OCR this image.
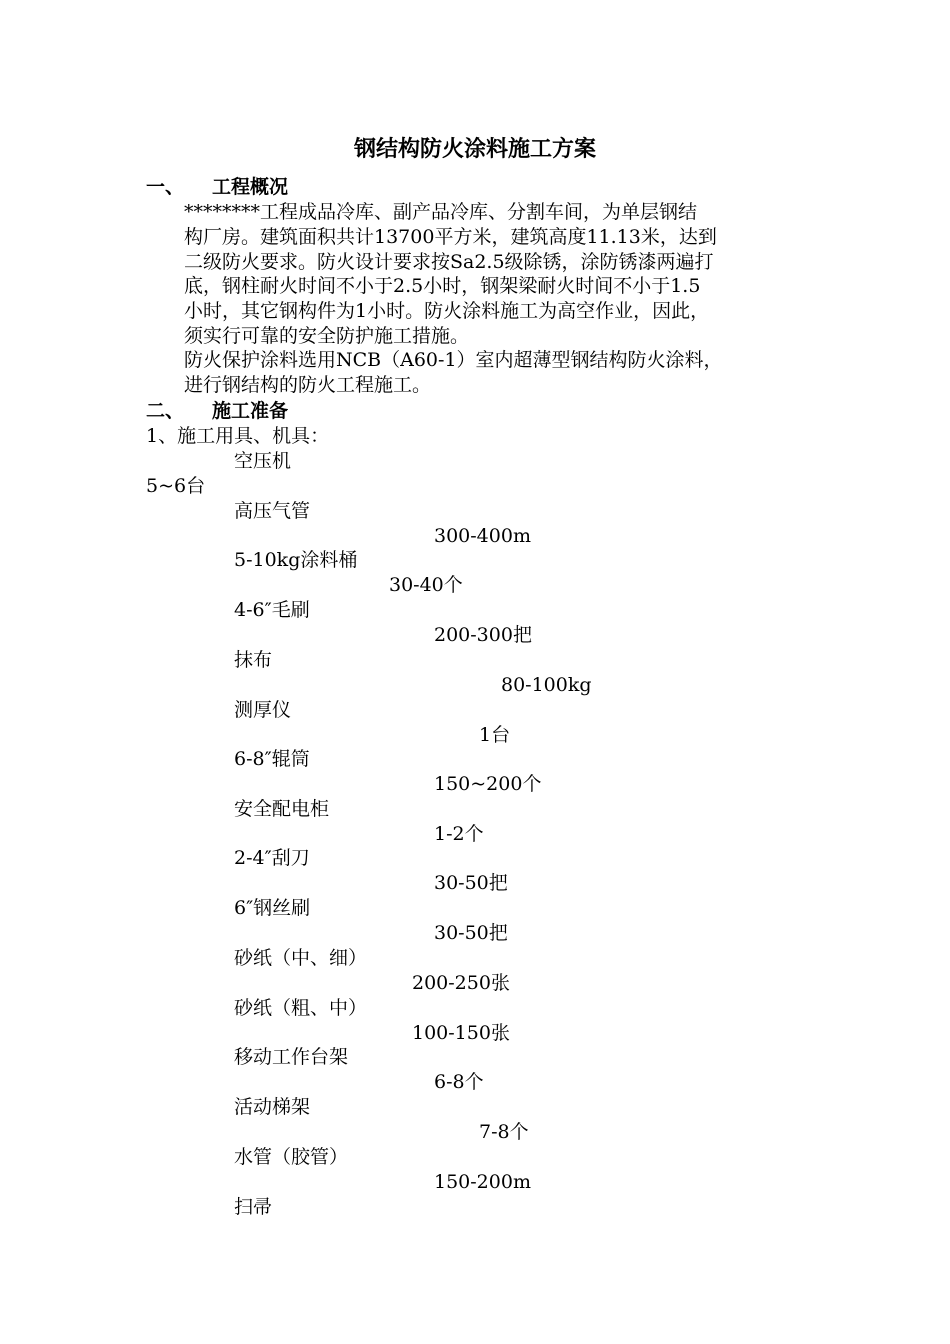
钢结构防火涂料施工方案
一、 工程概况
********工程成品冷库、副产品冷库、分割车间，为单层钢结
构厂房。建筑面积共计13700平方米，建筑高度11.13米，达到
二级防火要求。防火设计要求按Sa2.5级除锈，涂防锈漆两遍打
底，钢柱耐火时间不小于2.5小时，钢架梁耐火时间不小于1.5
小时，其它钢构件为1小时。防火涂料施工为高空作业，因此，
须实行可靠的安全防护施工措施。
防火保护涂料选用NCB（A60-1）室内超薄型钢结构防火涂料，
进行钢结构的防火工程施工。
二、 施工准备
1、施工用具、机具：
空压机
5~6台
高压气管
300-400m
5-10kg涂料桶
30-40个
4-6″毛刷
200-300把
抹布
80-100kg
测厚仪
1台
6-8″辊筒
150~200个
安全配电柜
1-2个
2-4″刮刀
30-50把
6″钢丝刷
30-50把
砂纸（中、细）
200-250张
砂纸（粗、中）
100-150张
移动工作台架
6-8个
活动梯架
7-8个
水管（胶管）
150-200m
扫帚
